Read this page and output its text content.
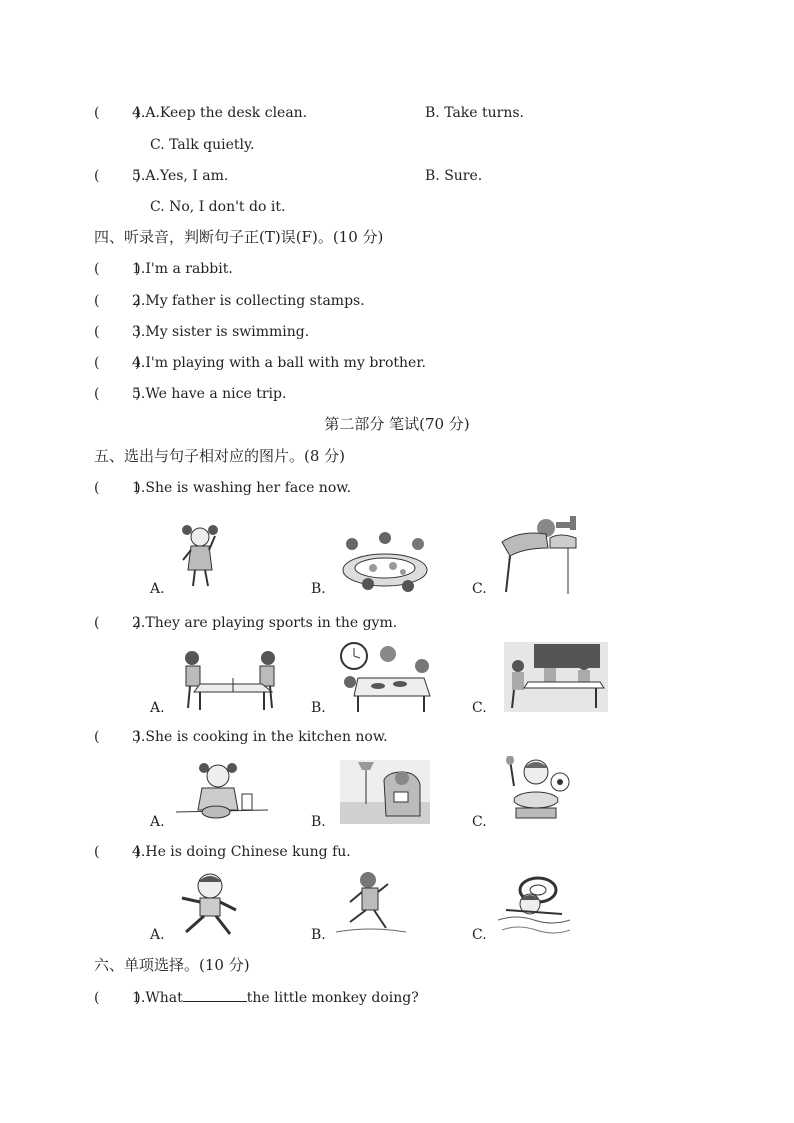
(        )4.A.Keep the desk clean.	B. Take turns.
C. Talk quietly.
(        )5.A.Yes, I am.	B. Sure.
C. No, I don't do it.
四、听录音，判断句子正(T)误(F)。(10 分)
(        )1.I'm a rabbit.
(        )2.My father is collecting stamps.
(        )3.My sister is swimming.
(        )4.I'm playing with a ball with my brother.
(        )5.We have a nice trip.
第二部分 笔试(70 分)
五、选出与句子相对应的图片。(8 分)
(        )1.She is washing her face now.
A.	B.	C.
(        )2.They are playing sports in the gym.
A.	B.	C.
(        )3.She is cooking in the kitchen now.
A.	B.	C.
(        )4.He is doing Chinese kung fu.
A.	B.	C.
六、单项选择。(10 分)
(        )1.What	the little monkey doing?
